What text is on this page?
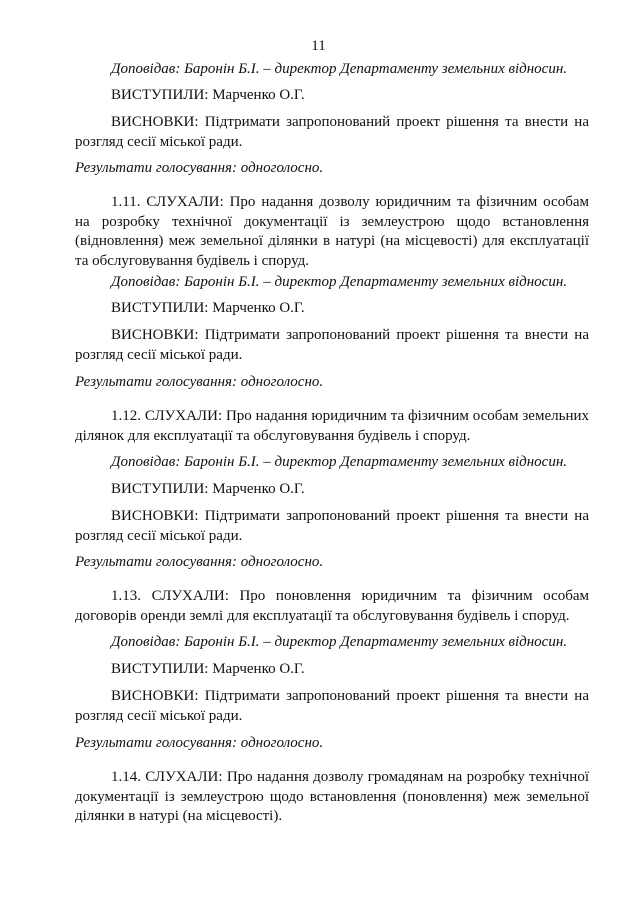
11
Доповідав: Баронін Б.І. – директор Департаменту земельних відносин.
ВИСТУПИЛИ: Марченко О.Г.
ВИСНОВКИ: Підтримати запропонований проект рішення та внести на розгляд сесії міської ради.
Результати голосування: одноголосно.
1.11. СЛУХАЛИ: Про надання дозволу юридичним та фізичним особам на розробку технічної документації із землеустрою щодо встановлення (відновлення) меж земельної ділянки в натурі (на місцевості) для експлуатації та обслуговування будівель і споруд.
Доповідав: Баронін Б.І. – директор Департаменту земельних відносин.
ВИСТУПИЛИ: Марченко О.Г.
ВИСНОВКИ: Підтримати запропонований проект рішення та внести на розгляд сесії міської ради.
Результати голосування: одноголосно.
1.12. СЛУХАЛИ: Про надання юридичним та фізичним особам земельних ділянок для експлуатації та обслуговування будівель і споруд.
Доповідав: Баронін Б.І. – директор Департаменту земельних відносин.
ВИСТУПИЛИ: Марченко О.Г.
ВИСНОВКИ: Підтримати запропонований проект рішення та внести на розгляд сесії міської ради.
Результати голосування: одноголосно.
1.13. СЛУХАЛИ: Про поновлення юридичним та фізичним особам договорів оренди землі для експлуатації та обслуговування будівель і споруд.
Доповідав: Баронін Б.І. – директор Департаменту земельних відносин.
ВИСТУПИЛИ: Марченко О.Г.
ВИСНОВКИ: Підтримати запропонований проект рішення та внести на розгляд сесії міської ради.
Результати голосування: одноголосно.
1.14. СЛУХАЛИ: Про надання дозволу громадянам на розробку технічної документації із землеустрою щодо встановлення (поновлення) меж земельної ділянки в натурі (на місцевості).
